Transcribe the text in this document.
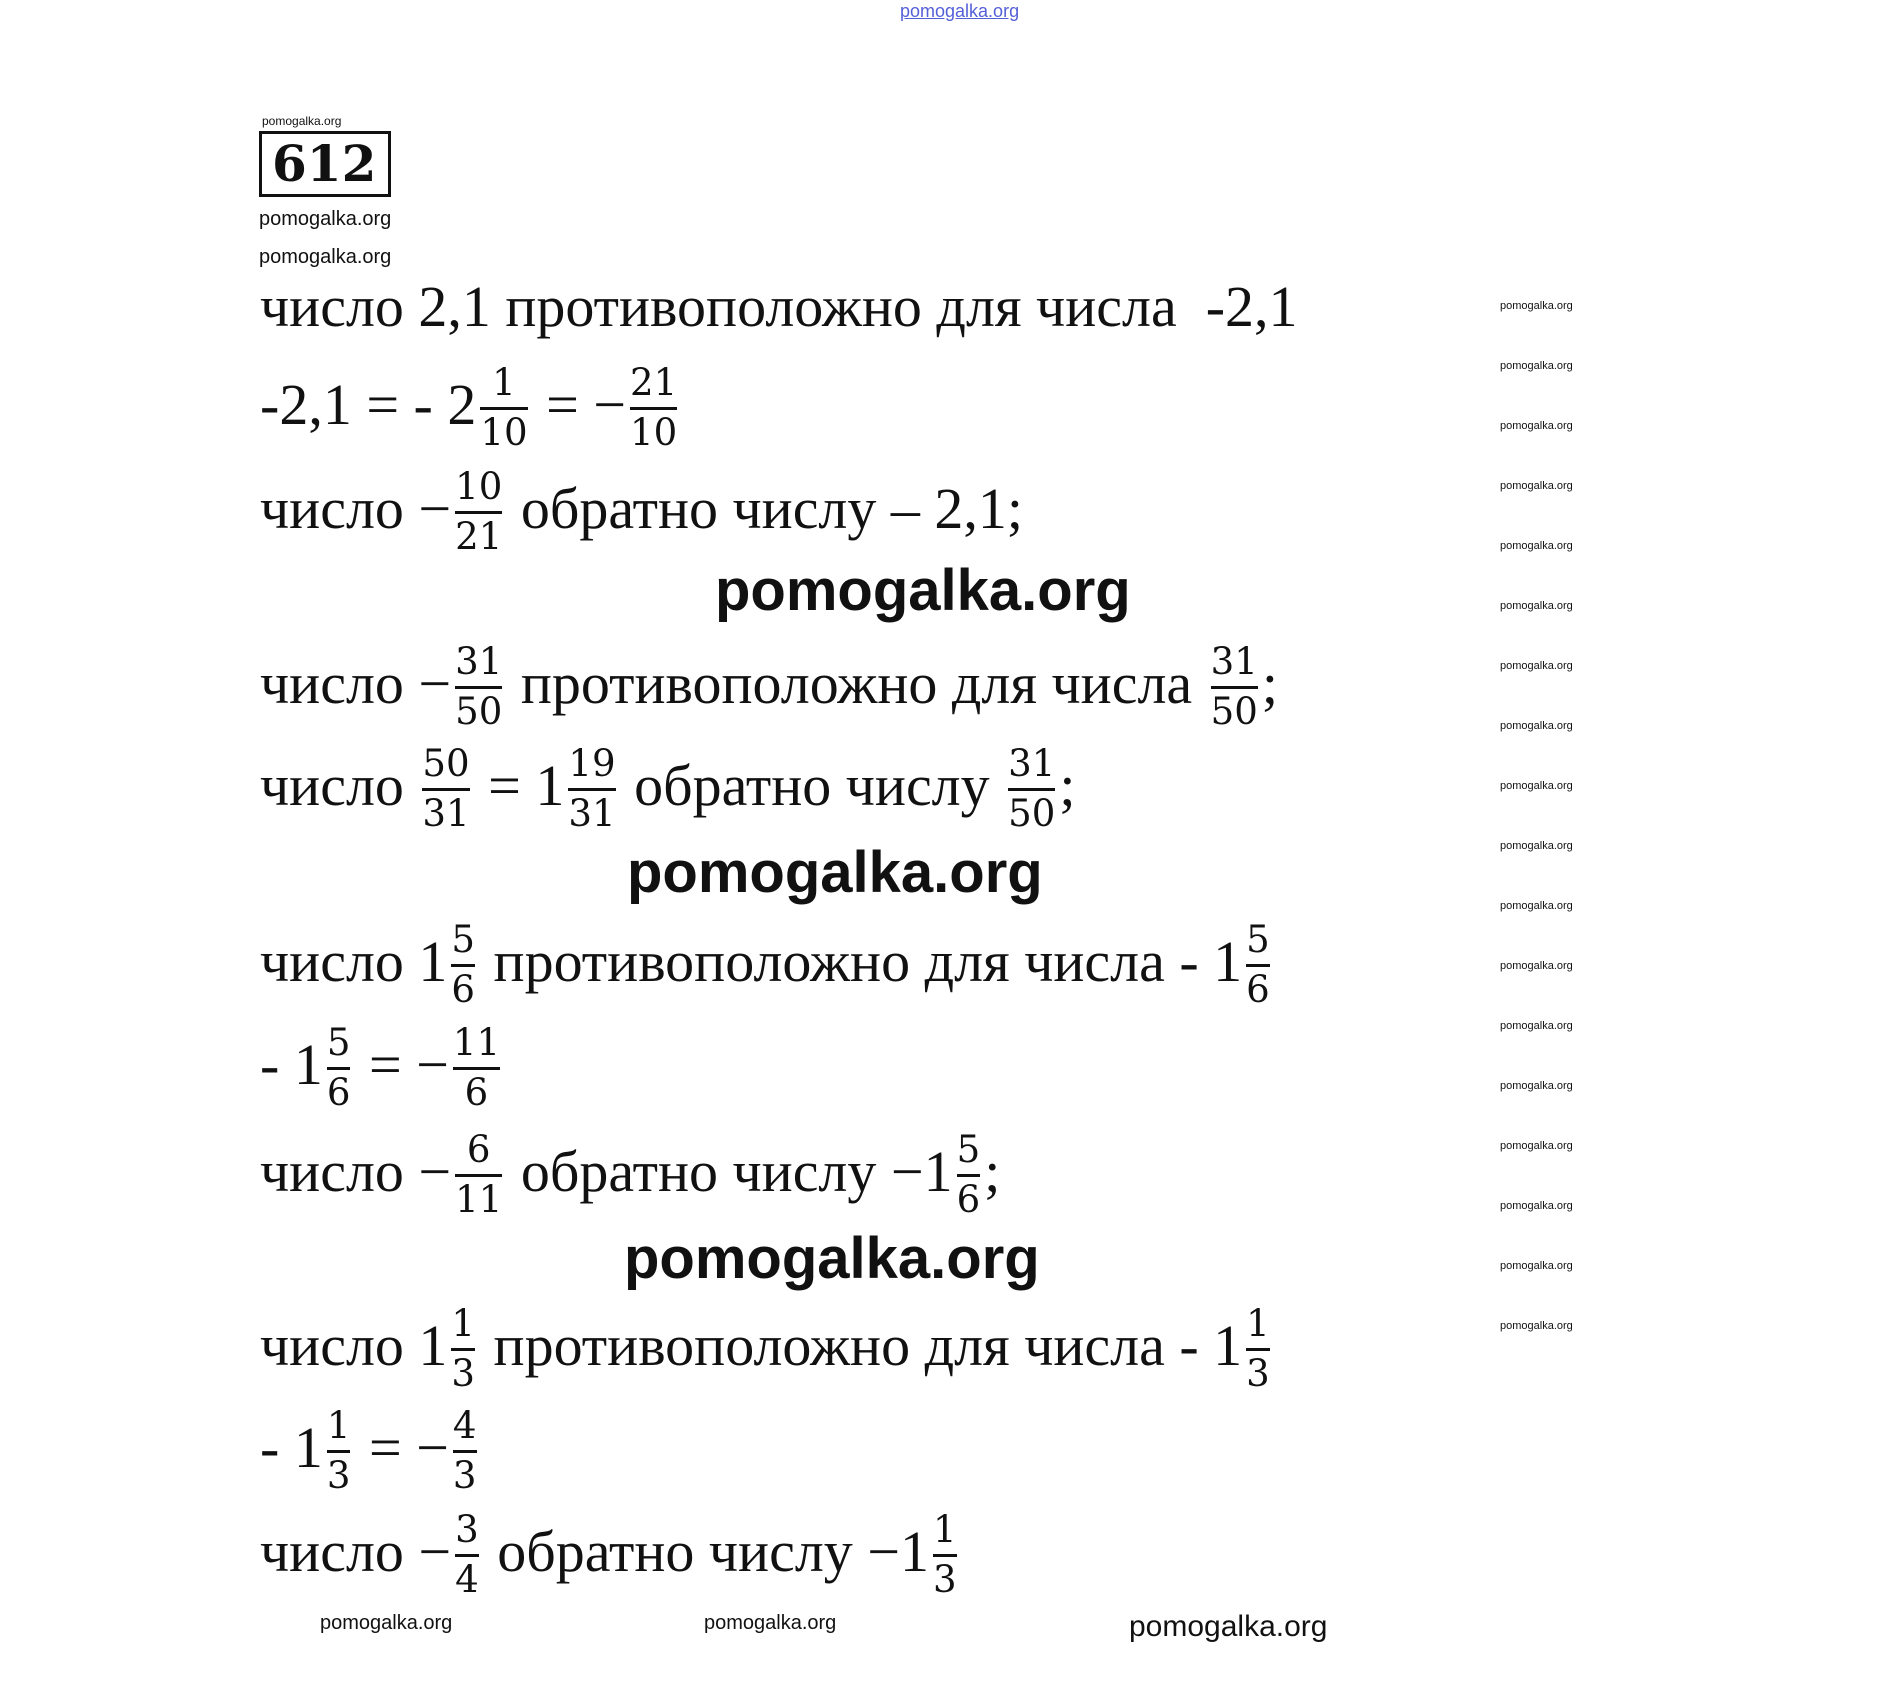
pomogalka.org
pomogalka.org
612
число 2,1 противоположно для числа  -2,1
-2,1 = - $2 \frac{1}{10}$ = − $\frac{21}{10}$
число − $\frac{10}{21}$ обратно числу – 2,1;
число − $\frac{31}{50}$ противоположно для числа $\frac{31}{50}$ ;
число $\frac{50}{31} = 1 \frac{19}{31}$ обратно числу $\frac{31}{50}$ ;
число $1 \frac{5}{6}$ противоположно для числа - $1 \frac{5}{6}$
- $1 \frac{5}{6}$ = − $\frac{11}{6}$
число − $\frac{6}{11}$ обратно числу $-1 \frac{5}{6}$ ;
число $1 \frac{1}{3}$ противоположно для числа - $1 \frac{1}{3}$
- $1 \frac{1}{3}$ = − $\frac{4}{3}$
число − $\frac{3}{4}$ обратно числу $-1 \frac{1}{3}$
pomogalka.org
pomogalka.org
pomogalka.org
pomogalka.org
pomogalka.org
pomogalka.org
pomogalka.org	pomogalka.org
pomogalka.org
pomogalka.org
pomogalka.org
pomogalka.org
pomogalka.org
pomogalka.org
pomogalka.org
pomogalka.org
pomogalka.org
pomogalka.org
pomogalka.org
pomogalka.org
pomogalka.org
pomogalka.org
pomogalka.org
pomogalka.org
pomogalka.org
pomogalka.org
